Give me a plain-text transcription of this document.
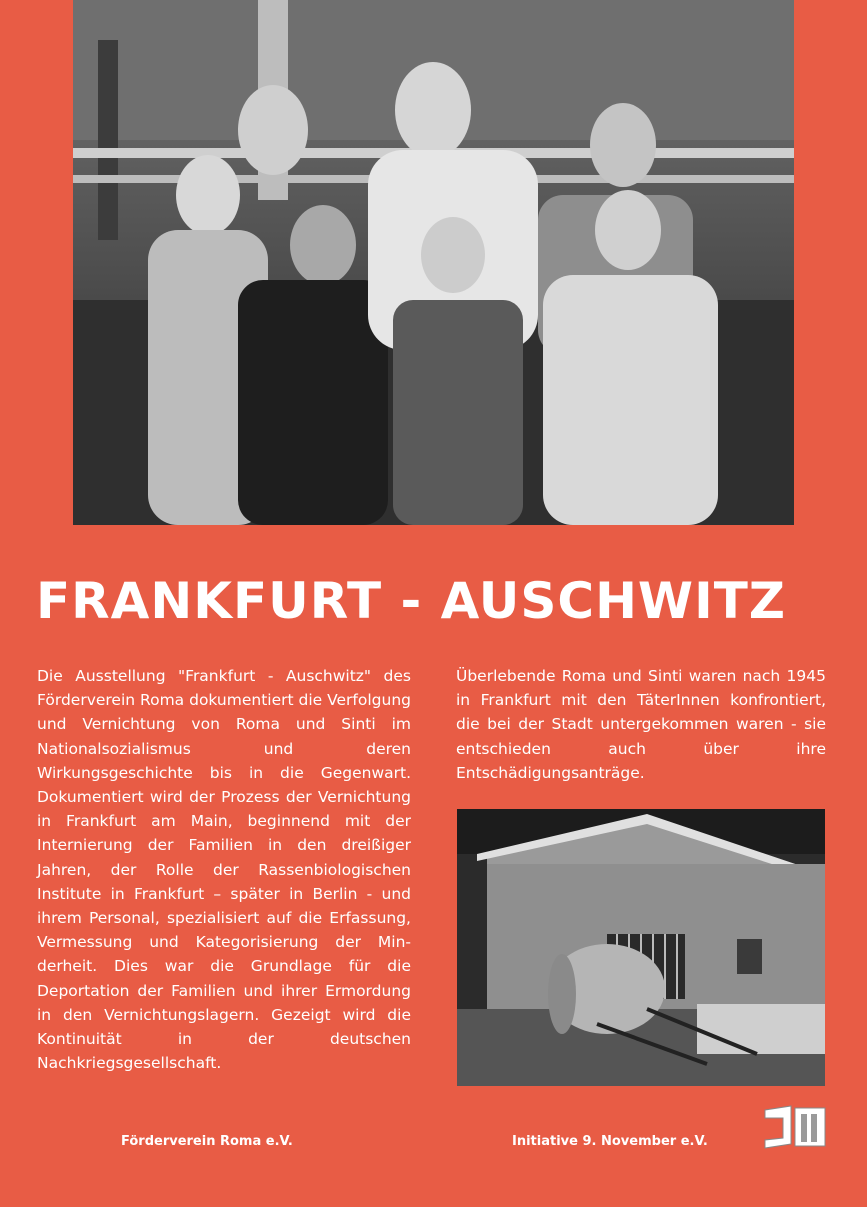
FRANKFURT - AUSCHWITZ
Die Ausstellung "Frankfurt - Auschwitz" des Förderverein Roma dokumentiert die Verfolgung und Vernichtung von Roma und Sinti im Nationalsozialismus und deren Wirkungsgeschichte bis in die Gegenwart. Dokumentiert wird der Prozess der Vernichtung in Frankfurt am Main, beginnend mit der Internierung der Familien in den dreißiger Jahren, der Rolle der Rassenbiologischen Institute in Frankfurt – später in Berlin - und ihrem Personal, spezialisiert auf die Erfassung, Vermessung und Kategorisierung der Minderheit. Dies war die Grundlage für die Deportation der Familien und ihrer Ermordung in den Vernichtungslagern. Gezeigt wird die Kontinuität in der deutschen Nachkriegsgesellschaft.
Überlebende Roma und Sinti waren nach 1945 in Frankfurt mit den TäterInnen konfrontiert, die bei der Stadt untergekommen waren - sie entschieden auch über ihre Entschädigungsanträge.
Förderverein Roma e.V.	Initiative 9. November e.V.
